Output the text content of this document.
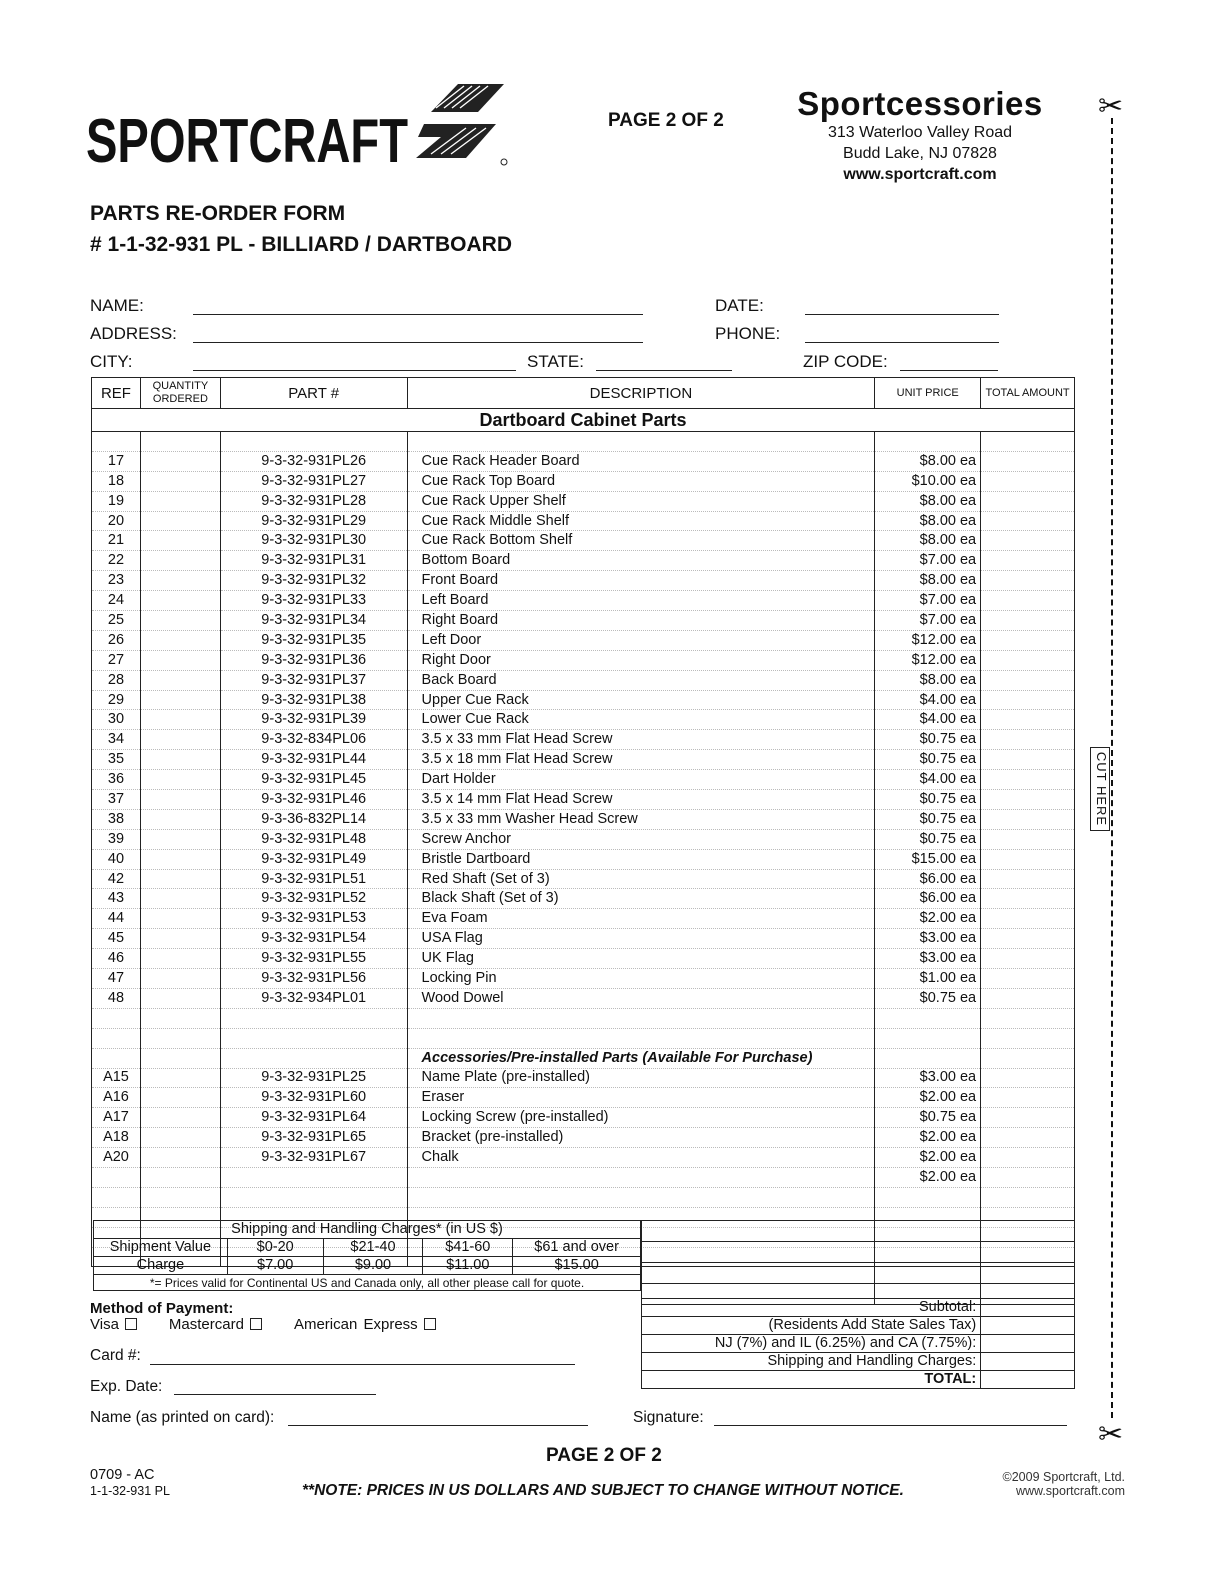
SPORTCRAFT	PAGE 2 OF 2 Sportcessories
313 Waterloo Valley Road
Budd Lake, NJ 07828
www.sportcraft.com
PARTS RE-ORDER FORM
# 1-1-32-931 PL - BILLIARD / DARTBOARD
NAME:	DATE:
ADDRESS:	PHONE:
CITY:	STATE:	ZIP CODE:
REF	QUANTITY ORDERED	PART #	DESCRIPTION	UNIT PRICE	TOTAL AMOUNT
Dartboard Cabinet Parts					

17		9-3-32-931PL26	Cue Rack Header Board	$8.00 ea	
18		9-3-32-931PL27	Cue Rack Top Board	$10.00 ea	
19		9-3-32-931PL28	Cue Rack Upper Shelf	$8.00 ea	
20		9-3-32-931PL29	Cue Rack Middle Shelf	$8.00 ea	
21		9-3-32-931PL30	Cue Rack Bottom Shelf	$8.00 ea	
22		9-3-32-931PL31	Bottom Board	$7.00 ea	
23		9-3-32-931PL32	Front Board	$8.00 ea	
24		9-3-32-931PL33	Left Board	$7.00 ea	
25		9-3-32-931PL34	Right Board	$7.00 ea	
26		9-3-32-931PL35	Left Door	$12.00 ea	
27		9-3-32-931PL36	Right Door	$12.00 ea	
28		9-3-32-931PL37	Back Board	$8.00 ea	
29		9-3-32-931PL38	Upper Cue Rack	$4.00 ea	
30		9-3-32-931PL39	Lower Cue Rack	$4.00 ea	
34		9-3-32-834PL06	3.5 x 33 mm Flat Head Screw	$0.75 ea	
35		9-3-32-931PL44	3.5 x 18 mm Flat Head Screw	$0.75 ea	
36		9-3-32-931PL45	Dart Holder	$4.00 ea	
37		9-3-32-931PL46	3.5 x 14 mm Flat Head Screw	$0.75 ea	
38		9-3-36-832PL14	3.5 x 33 mm Washer Head Screw	$0.75 ea	
39		9-3-32-931PL48	Screw Anchor	$0.75 ea	
40		9-3-32-931PL49	Bristle Dartboard	$15.00 ea	
42		9-3-32-931PL51	Red Shaft (Set of 3)	$6.00 ea	
43		9-3-32-931PL52	Black Shaft (Set of 3)	$6.00 ea	
44		9-3-32-931PL53	Eva Foam	$2.00 ea	
45		9-3-32-931PL54	USA Flag	$3.00 ea	
46		9-3-32-931PL55	UK Flag	$3.00 ea	
47		9-3-32-931PL56	Locking Pin	$1.00 ea	
48		9-3-32-934PL01	Wood Dowel	$0.75 ea	

			Accessories/Pre-installed Parts (Available For Purchase)		
A15		9-3-32-931PL25	Name Plate (pre-installed)	$3.00 ea	
A16		9-3-32-931PL60	Eraser	$2.00 ea	
A17		9-3-32-931PL64	Locking Screw (pre-installed)	$0.75 ea	
A18		9-3-32-931PL65	Bracket (pre-installed)	$2.00 ea	
A20		9-3-32-931PL67	Chalk	$2.00 ea	
				$2.00 ea	

Shipping and Handling Charges* (in US $)				
Shipment Value	$0-20	$21-40	$41-60	$61 and over
Charge	$7.00	$9.00	$11.00	$15.00
*= Prices valid for Continental US and Canada only, all other please call for quote.				
Subtotal:	
(Residents Add State Sales Tax)	
NJ (7%) and IL (6.25%) and CA (7.75%):	
Shipping and Handling Charges:	
TOTAL:	
Method of Payment:
Visa	Mastercard	American Express
Card #:
Exp. Date:
Name (as printed on card):	Signature:
PAGE 2 OF 2
0709 - AC
1-1-32-931 PL	**NOTE: PRICES IN US DOLLARS AND SUBJECT TO CHANGE WITHOUT NOTICE.
©2009 Sportcraft, Ltd.
www.sportcraft.com
✂
✂
CUT HERE
